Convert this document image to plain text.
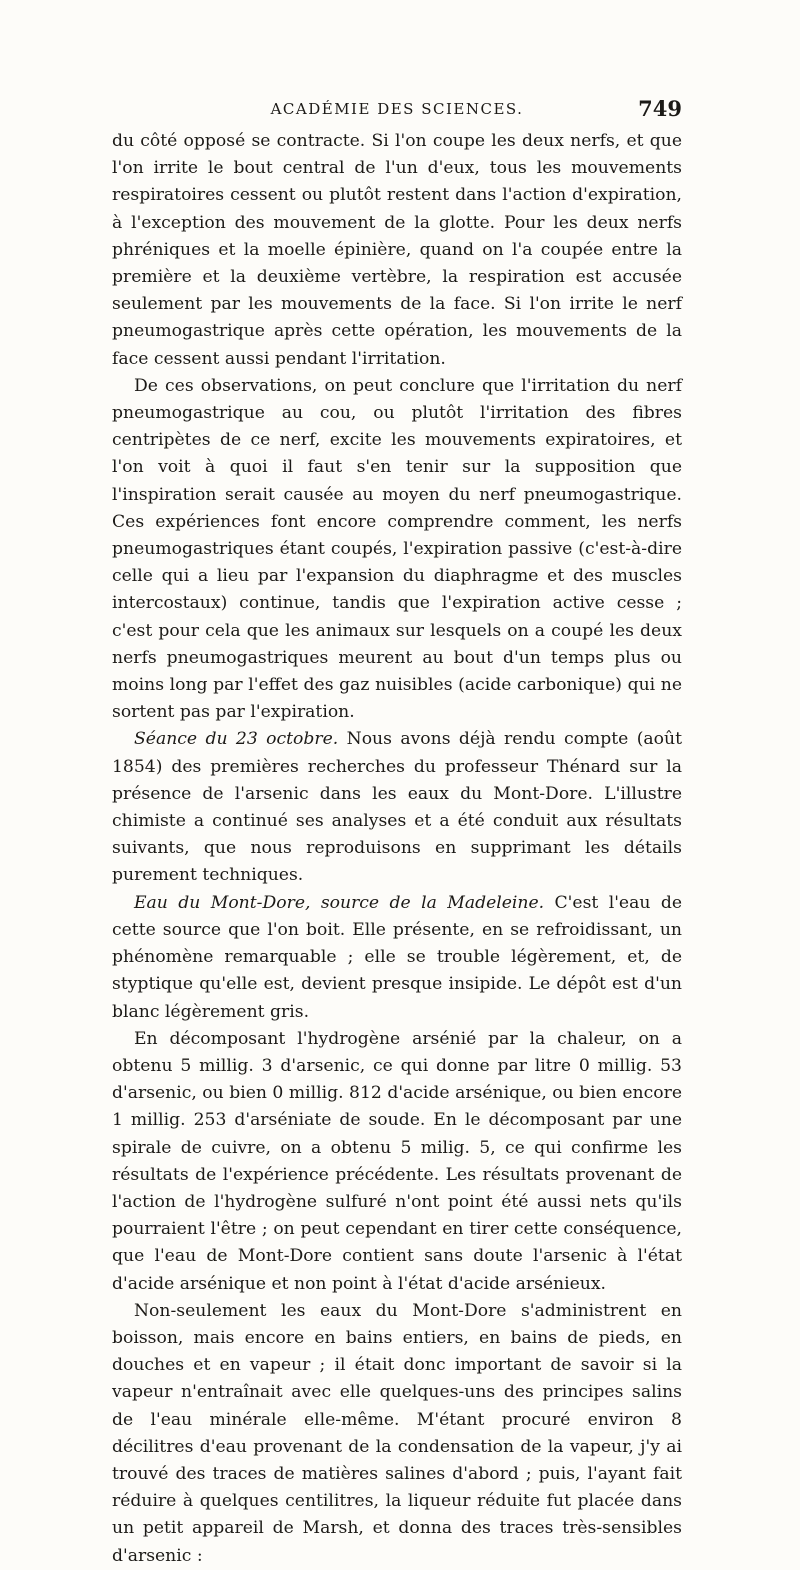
ACADÉMIE DES SCIENCES.	749

du côté opposé se contracte. Si l'on coupe les deux nerfs, et que l'on irrite le bout central de l'un d'eux, tous les mouvements respiratoires cessent ou plutôt restent dans l'action d'expiration, à l'exception des mouvement de la glotte. Pour les deux nerfs phréniques et la moelle épinière, quand on l'a coupée entre la première et la deuxième vertèbre, la respiration est accusée seulement par les mouvements de la face. Si l'on irrite le nerf pneumogastrique après cette opération, les mouvements de la face cessent aussi pendant l'irritation.

De ces observations, on peut conclure que l'irritation du nerf pneumogastrique au cou, ou plutôt l'irritation des fibres centripètes de ce nerf, excite les mouvements expiratoires, et l'on voit à quoi il faut s'en tenir sur la supposition que l'inspiration serait causée au moyen du nerf pneumogastrique. Ces expériences font encore comprendre comment, les nerfs pneumogastriques étant coupés, l'expiration passive (c'est-à-dire celle qui a lieu par l'expansion du diaphragme et des muscles intercostaux) continue, tandis que l'expiration active cesse ; c'est pour cela que les animaux sur lesquels on a coupé les deux nerfs pneumogastriques meurent au bout d'un temps plus ou moins long par l'effet des gaz nuisibles (acide carbonique) qui ne sortent pas par l'expiration.

Séance du 23 octobre. Nous avons déjà rendu compte (août 1854) des premières recherches du professeur Thénard sur la présence de l'arsenic dans les eaux du Mont-Dore. L'illustre chimiste a continué ses analyses et a été conduit aux résultats suivants, que nous reproduisons en supprimant les détails purement techniques.

Eau du Mont-Dore, source de la Madeleine. C'est l'eau de cette source que l'on boit. Elle présente, en se refroidissant, un phénomène remarquable ; elle se trouble légèrement, et, de styptique qu'elle est, devient presque insipide. Le dépôt est d'un blanc légèrement gris.

En décomposant l'hydrogène arsénié par la chaleur, on a obtenu 5 millig. 3 d'arsenic, ce qui donne par litre 0 millig. 53 d'arsenic, ou bien 0 millig. 812 d'acide arsénique, ou bien encore 1 millig. 253 d'arséniate de soude. En le décomposant par une spirale de cuivre, on a obtenu 5 milig. 5, ce qui confirme les résultats de l'expérience précédente. Les résultats provenant de l'action de l'hydrogène sulfuré n'ont point été aussi nets qu'ils pourraient l'être ; on peut cependant en tirer cette conséquence, que l'eau de Mont-Dore contient sans doute l'arsenic à l'état d'acide arsénique et non point à l'état d'acide arsénieux.

Non-seulement les eaux du Mont-Dore s'administrent en boisson, mais encore en bains entiers, en bains de pieds, en douches et en vapeur ; il était donc important de savoir si la vapeur n'entraînait avec elle quelques-uns des principes salins de l'eau minérale elle-même. M'étant procuré environ 8 décilitres d'eau provenant de la condensation de la vapeur, j'y ai trouvé des traces de matières salines d'abord ; puis, l'ayant fait réduire à quelques centilitres, la liqueur réduite fut placée dans un petit appareil de Marsh, et donna des traces très-sensibles d'arsenic :
